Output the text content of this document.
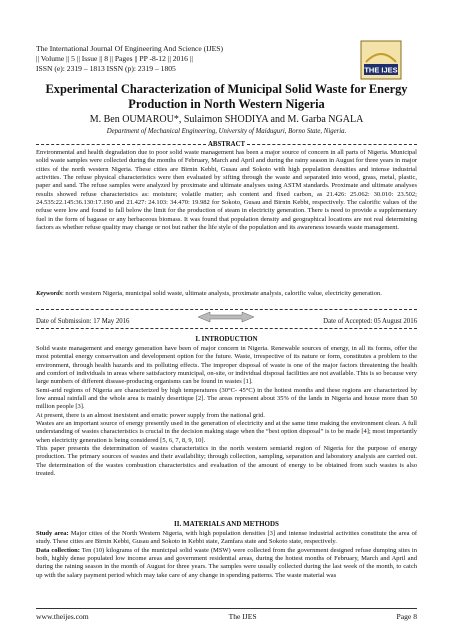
The International Journal Of Engineering And Science (IJES)
|| Volume || 5 || Issue || 8 || Pages || PP -8-12 || 2016 ||
ISSN (e): 2319 – 1813 ISSN (p): 2319 – 1805	THE IJES
Experimental Characterization of Municipal Solid Waste for Energy Production in North Western Nigeria
M. Ben OUMAROU*, Sulaimon SHODIYA and M. Garba NGALA
Department of Mechanical Engineering, University of Maiduguri, Borno State, Nigeria.
ABSTRACT
Environmental and health degradation due to poor solid waste management has been a major source of concern in all parts of Nigeria. Municipal solid waste samples were collected during the months of February, March and April and during the rainy season in August for three years in major cities of the north western Nigeria. These cities are Birnin Kebbi, Gusau and Sokoto with high population densities and intense industrial activities. The refuse physical characteristics were then evaluated by sifting through the waste and separated into wood, grass, metal, plastic, paper and sand. The refuse samples were analyzed by proximate and ultimate analyses using ASTM standards. Proximate and ultimate analyses results showed refuse characteristics as: moisture; volatile matter; ash content and fixed carbon, as 21.426: 25.062: 30.010: 23.502; 24.535:22.145:36.130:17.190 and 21.427: 24.103: 34.470: 19.982 for Sokoto, Gusau and Birnin Kebbi, respectively. The calorific values of the refuse were low and found to fall below the limit for the production of steam in electricity generation. There is need to provide a supplementary fuel in the form of bagasse or any herbaceous biomass. It was found that population density and geographical locations are not real determining factors as whether refuse quality may change or not but rather the life style of the population and its awareness towards waste management.
Keywords: north western Nigeria, municipal solid waste, ultimate analysis, proximate analysis, calorific value, electricity generation.
Date of Submission: 17 May 2016	Date of Accepted: 05 August 2016
I. INTRODUCTION

Solid waste management and energy generation have been of major concern in Nigeria. Renewable sources of energy, in all its forms, offer the most potential energy conservation and development option for the future. Waste, irrespective of its nature or form, constitutes a problem to the environment, through health hazards and its polluting effects. The improper disposal of waste is one of the major factors threatening the health and comfort of individuals in areas where satisfactory municipal, on-site, or individual disposal facilities are not available. This is so because very large numbers of different disease-producing organisms can be found in wastes [1].

Semi-arid regions of Nigeria are characterized by high temperatures (30°C- 45°C) in the hottest months and these regions are characterized by low annual rainfall and the whole area is mainly desertique [2]. The areas represent about 35% of the lands in Nigeria and house more than 50 million people [3].

At present, there is an almost inexistent and erratic power supply from the national grid.

Wastes are an important source of energy presently used in the generation of electricity and at the same time making the environment clean. A full understanding of wastes characteristics is crucial in the decision making stage when the “best option disposal” is to be made [4]; most importantly when electricity generation is being considered [5, 6, 7, 8, 9, 10].

This paper presents the determination of wastes characteristics in the north western semiarid region of Nigeria for the purpose of energy production. The primary sources of wastes and their availability; through collection, sampling, separation and laboratory analysis are carried out. The determination of the wastes combustion characteristics and evaluation of the amount of energy to be obtained from such wastes is also treated.

II. MATERIALS AND METHODS

Study area: Major cities of the North Western Nigeria, with high population densities [3] and intense industrial activities constitute the area of study. These cities are Birnin Kebbi, Gusau and Sokoto in Kebbi state, Zamfara state and Sokoto state, respectively.

Data collection: Ten (10) kilograms of the municipal solid waste (MSW) were collected from the government designed refuse dumping sites in both, highly dense populated low income areas and government residential areas, during the hottest months of February, March and April and during the raining season in the month of August for three years. The samples were usually collected during the last week of the month, to catch up with the salary payment period which may take care of any change in spending patterns. The waste material was

www.theijes.com	The IJES	Page 8
